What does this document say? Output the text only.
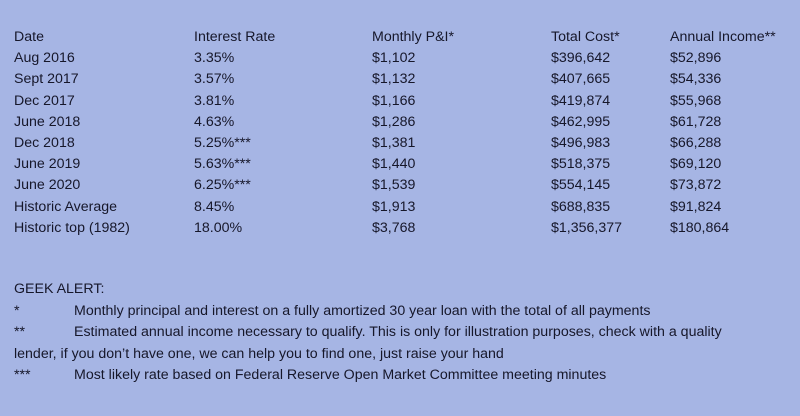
Date	Interest Rate	Monthly P&I*	Total Cost*	Annual Income**
Aug 2016	3.35%	$1,102	$396,642	$52,896
Sept 2017	3.57%	$1,132	$407,665	$54,336
Dec 2017	3.81%	$1,166	$419,874	$55,968
June 2018	4.63%	$1,286	$462,995	$61,728
Dec 2018	5.25%***	$1,381	$496,983	$66,288
June 2019	5.63%***	$1,440	$518,375	$69,120
June 2020	6.25%***	$1,539	$554,145	$73,872
Historic Average	8.45%	$1,913	$688,835	$91,824
Historic top (1982)	18.00%	$3,768	$1,356,377	$180,864
GEEK ALERT:
*	Monthly principal and interest on a fully amortized 30 year loan with the total of all payments
**	Estimated annual income necessary to qualify. This is only for illustration purposes, check with a quality
lender, if you don’t have one, we can help you to find one, just raise your hand
***	Most likely rate based on Federal Reserve Open Market Committee meeting minutes
